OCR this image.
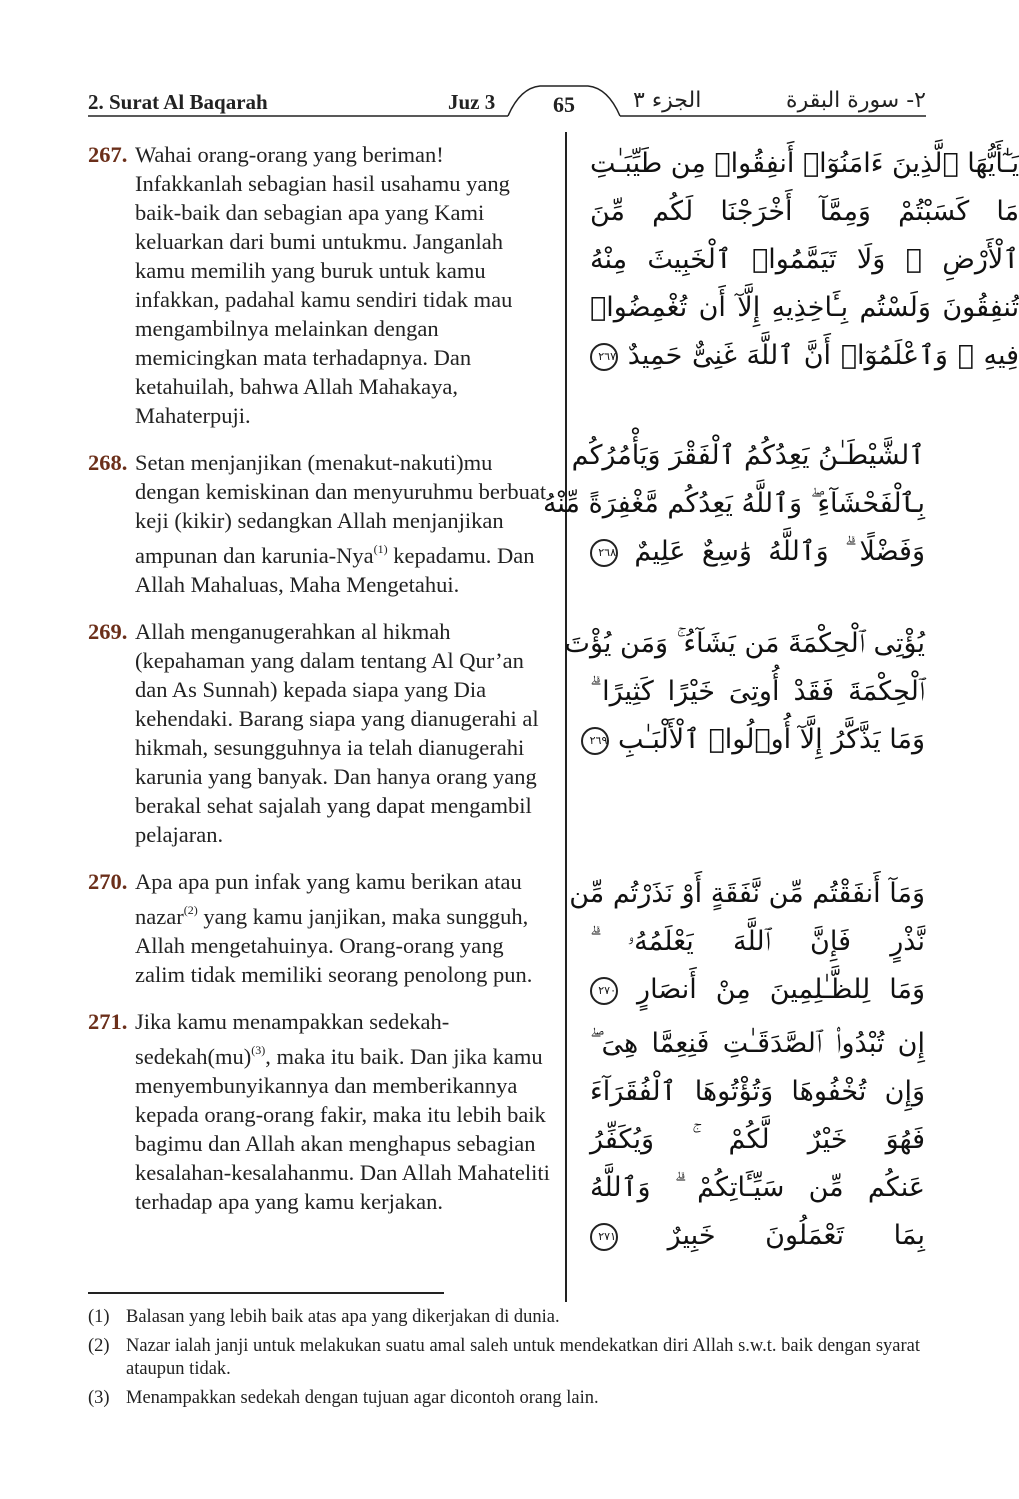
2. Surat Al Baqarah	Juz 3	65	الجزء ٣	٢- سورة البقرة
267. Wahai orang-orang yang beriman! Infakkanlah sebagian hasil usahamu yang baik-baik dan sebagian apa yang Kami keluarkan dari bumi untukmu. Janganlah kamu memilih yang buruk untuk kamu infakkan, padahal kamu sendiri tidak mau mengambilnya melainkan dengan memicingkan mata terhadapnya. Dan ketahuilah, bahwa Allah Mahakaya, Mahaterpuji.
268. Setan menjanjikan (menakut-nakuti)mu dengan kemiskinan dan menyuruhmu berbuat keji (kikir) sedangkan Allah menjanjikan ampunan dan karunia-Nya$^{(1)}$ kepadamu. Dan Allah Mahaluas, Maha Mengetahui.
269. Allah menganugerahkan al hikmah (kepahaman yang dalam tentang Al Qur’an dan As Sunnah) kepada siapa yang Dia kehendaki. Barang siapa yang dianugerahi al hikmah, sesungguhnya ia telah dianugerahi karunia yang banyak. Dan hanya orang yang berakal sehat sajalah yang dapat mengambil pelajaran.
270. Apa apa pun infak yang kamu berikan atau nazar$^{(2)}$ yang kamu janjikan, maka sungguh, Allah mengetahuinya. Orang-orang yang zalim tidak memiliki seorang penolong pun.
271. Jika kamu menampakkan sedekah-sedekah(mu)$^{(3)}$, maka itu baik. Dan jika kamu menyembunyikannya dan memberikannya kepada orang-orang fakir, maka itu lebih baik bagimu dan Allah akan menghapus sebagian kesalahan-kesalahanmu. Dan Allah Mahateliti terhadap apa yang kamu kerjakan.
يَـٰٓأَيُّهَا ٱلَّذِينَ ءَامَنُوٓا۟ أَنفِقُوا۟ مِن طَيِّبَـٰتِ
مَا كَسَبْتُمْ وَمِمَّآ أَخْرَجْنَا لَكُم مِّنَ
ٱلْأَرْضِ ۖ وَلَا تَيَمَّمُوا۟ ٱلْخَبِيثَ مِنْهُ
تُنفِقُونَ وَلَسْتُم بِـَٔاخِذِيهِ إِلَّآ أَن تُغْمِضُوا۟
فِيهِ ۚ وَٱعْلَمُوٓا۟ أَنَّ ٱللَّهَ غَنِىٌّ حَمِيدٌ ٢٦٧
ٱلشَّيْطَـٰنُ يَعِدُكُمُ ٱلْفَقْرَ وَيَأْمُرُكُم
بِٱلْفَحْشَآءِ ۖ وَٱللَّهُ يَعِدُكُم مَّغْفِرَةً مِّنْهُ
وَفَضْلًا ۗ وَٱللَّهُ وَٰسِعٌ عَلِيمٌ ٢٦٨
يُؤْتِى ٱلْحِكْمَةَ مَن يَشَآءُ ۚ وَمَن يُؤْتَ
ٱلْحِكْمَةَ فَقَدْ أُوتِىَ خَيْرًا كَثِيرًا ۗ
وَمَا يَذَّكَّرُ إِلَّآ أُو۟لُوا۟ ٱلْأَلْبَـٰبِ ٢٦٩
وَمَآ أَنفَقْتُم مِّن نَّفَقَةٍ أَوْ نَذَرْتُم مِّن
نَّذْرٍ فَإِنَّ ٱللَّهَ يَعْلَمُهُۥ ۗ
وَمَا لِلظَّـٰلِمِينَ مِنْ أَنصَارٍ ٢٧٠
إِن تُبْدُوا۟ ٱلصَّدَقَـٰتِ فَنِعِمَّا هِىَ ۖ
وَإِن تُخْفُوهَا وَتُؤْتُوهَا ٱلْفُقَرَآءَ
فَهُوَ خَيْرٌ لَّكُمْ ۚ وَيُكَفِّرُ
عَنكُم مِّن سَيِّـَٔاتِكُمْ ۗ وَٱللَّهُ
بِمَا تَعْمَلُونَ خَبِيرٌ ٢٧١
(1) Balasan yang lebih baik atas apa yang dikerjakan di dunia.
(2) Nazar ialah janji untuk melakukan suatu amal saleh untuk mendekatkan diri Allah s.w.t. baik dengan syarat ataupun tidak.
(3) Menampakkan sedekah dengan tujuan agar dicontoh orang lain.
